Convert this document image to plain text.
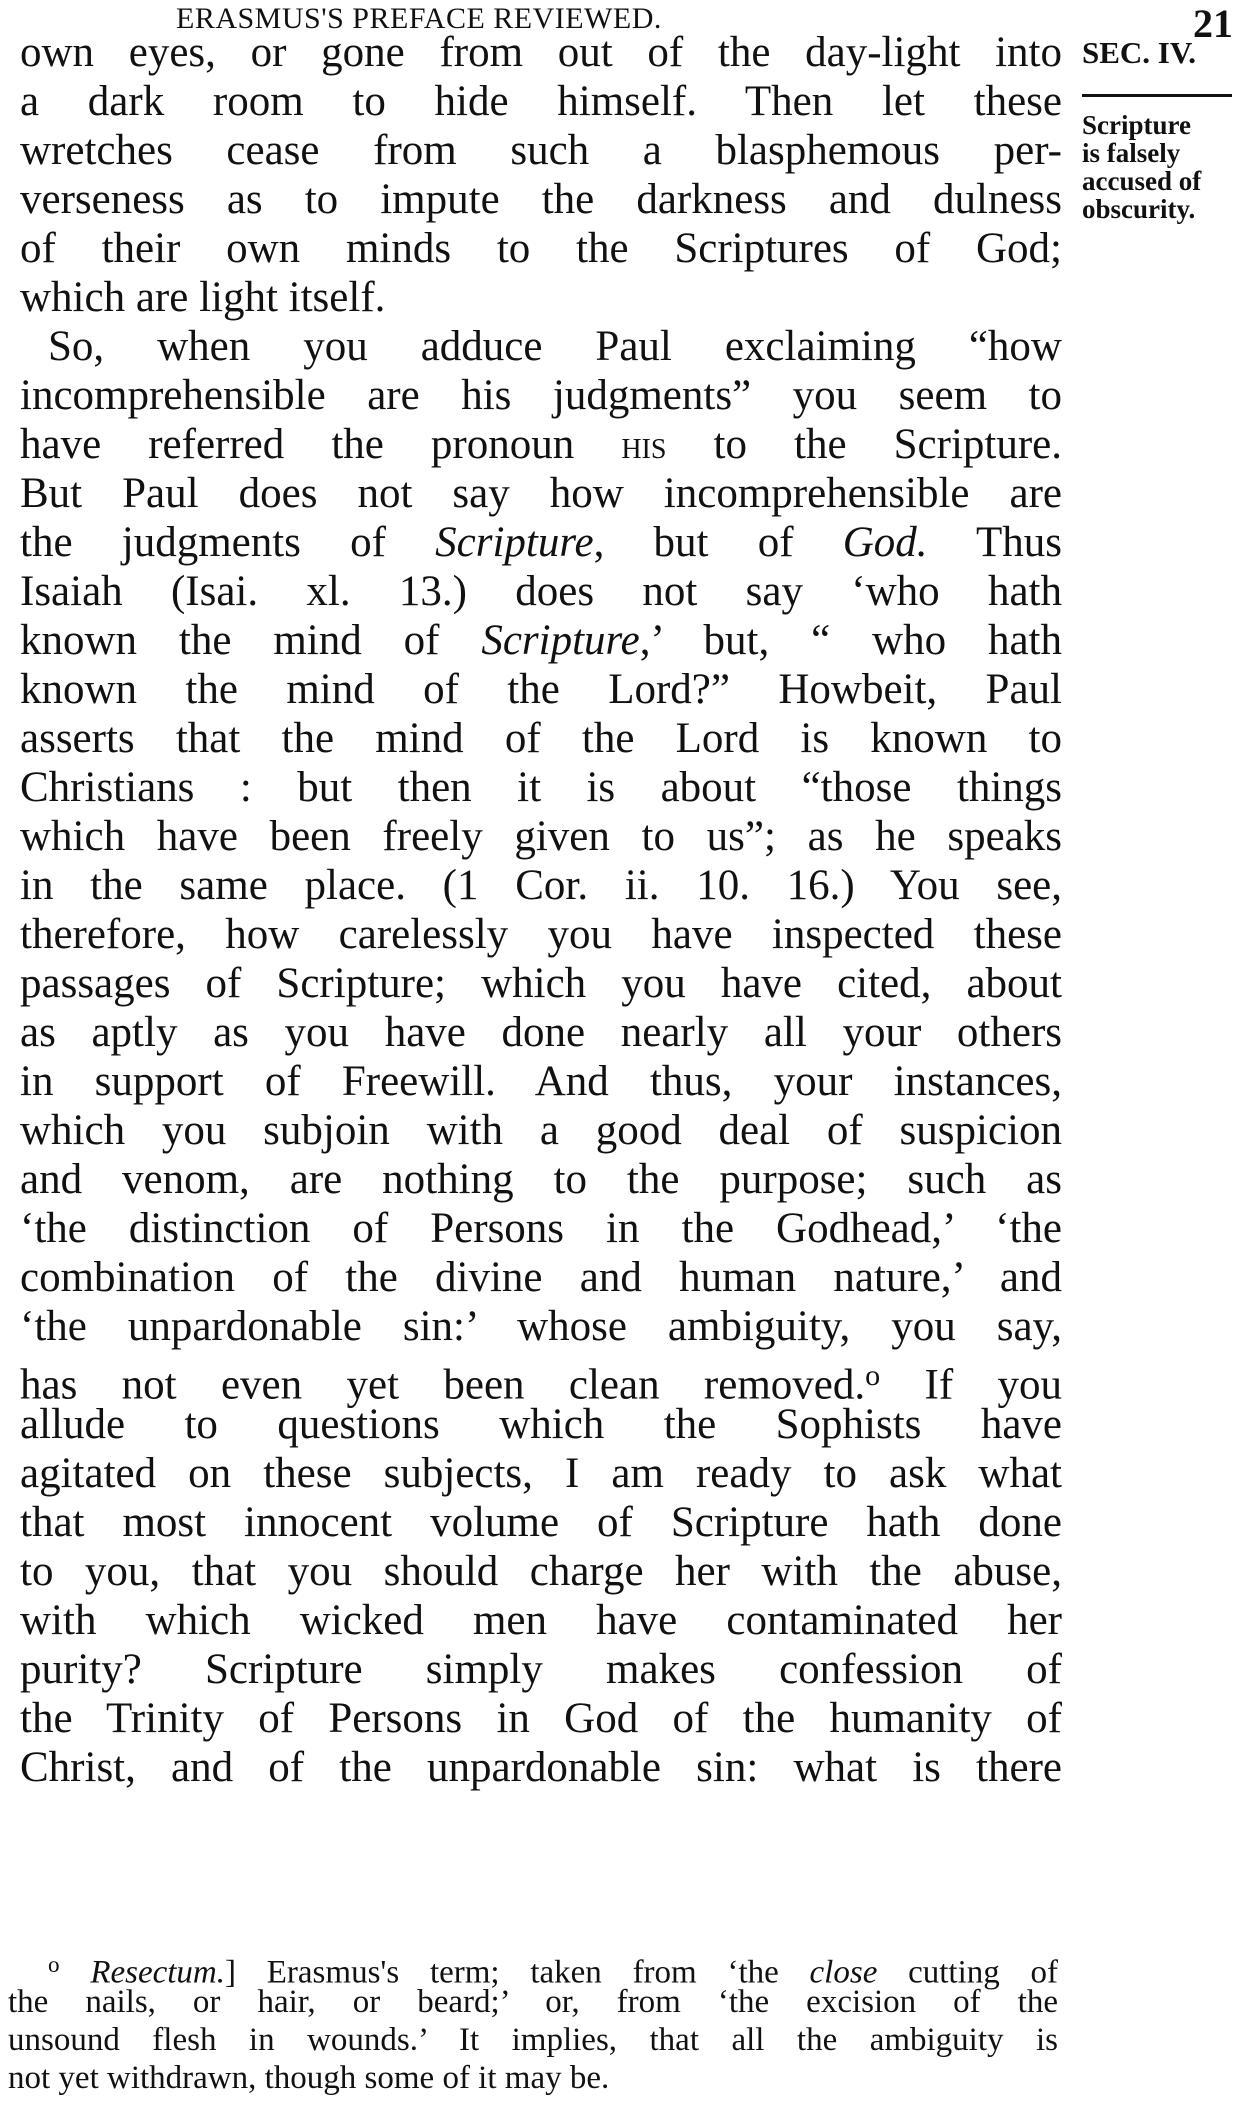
ERASMUS'S PREFACE REVIEWED.	21
own eyes, or gone from out of the day-light into
a dark room to hide himself. Then let these
wretches cease from such a blasphemous per-
verseness as to impute the darkness and dulness
of their own minds to the Scriptures of God;
which are light itself.
So, when you adduce Paul exclaiming “how
incomprehensible are his judgments” you seem to
have referred the pronoun his to the Scripture.
But Paul does not say how incomprehensible are
the judgments of Scripture, but of God. Thus
Isaiah (Isai. xl. 13.) does not say ‘who hath
known the mind of Scripture,’ but, “ who hath
known the mind of the Lord?” Howbeit, Paul
asserts that the mind of the Lord is known to
Christians : but then it is about “those things
which have been freely given to us”; as he speaks
in the same place. (1 Cor. ii. 10. 16.) You see,
therefore, how carelessly you have inspected these
passages of Scripture; which you have cited, about
as aptly as you have done nearly all your others
in support of Freewill. And thus, your instances,
which you subjoin with a good deal of suspicion
and venom, are nothing to the purpose; such as
‘the distinction of Persons in the Godhead,’ ‘the
combination of the divine and human nature,’ and
‘the unpardonable sin:’ whose ambiguity, you say,
has not even yet been clean removed.$^o$ If you
allude to questions which the Sophists have
agitated on these subjects, I am ready to ask what
that most innocent volume of Scripture hath done
to you, that you should charge her with the abuse,
with which wicked men have contaminated her
purity? Scripture simply makes confession of
the Trinity of Persons in God of the humanity of
Christ, and of the unpardonable sin: what is there
SEC. IV.
Scripture
is falsely
accused of
obscurity.
$^o$ Resectum.] Erasmus's term; taken from ‘the close cutting of
the nails, or hair, or beard;’ or, from ‘the excision of the
unsound flesh in wounds.’ It implies, that all the ambiguity is
not yet withdrawn, though some of it may be.
